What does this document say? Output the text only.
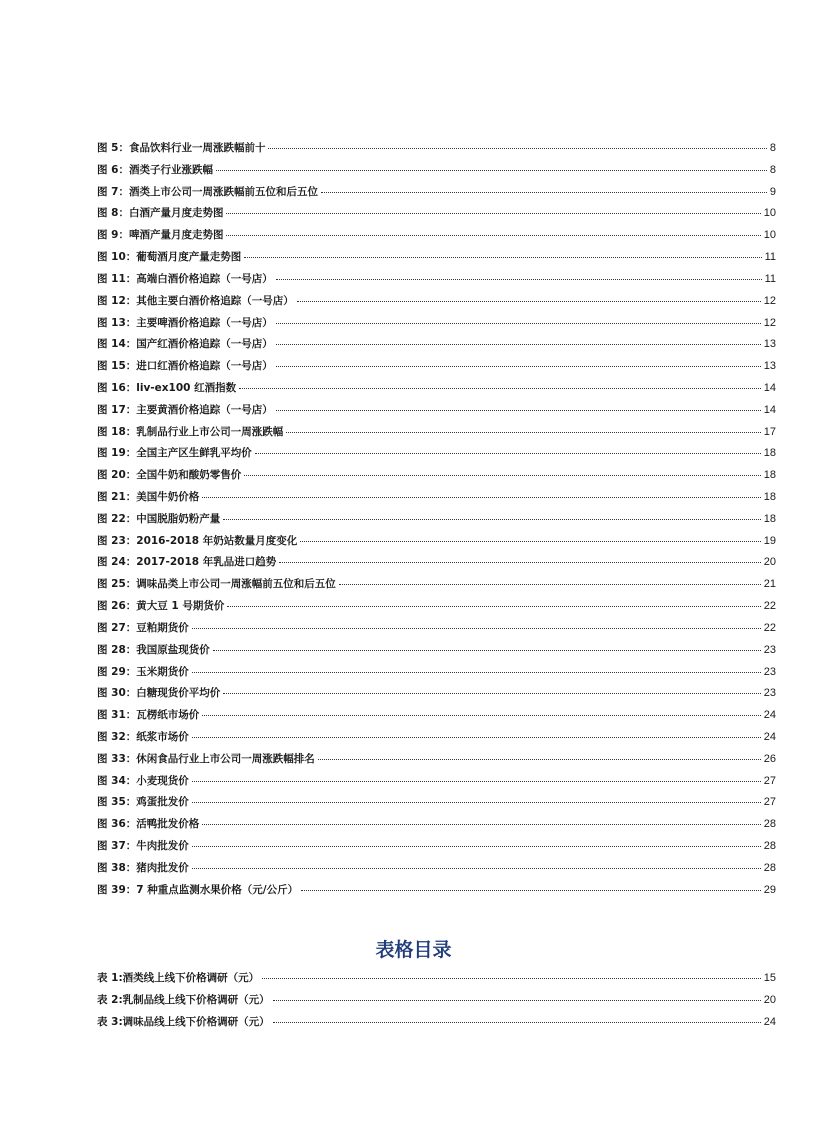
图 5：食品饮料行业一周涨跌幅前十	8
图 6：酒类子行业涨跌幅	8
图 7：酒类上市公司一周涨跌幅前五位和后五位	9
图 8：白酒产量月度走势图	10
图 9：啤酒产量月度走势图	10
图 10：葡萄酒月度产量走势图	11
图 11：高端白酒价格追踪（一号店）	11
图 12：其他主要白酒价格追踪（一号店）	12
图 13：主要啤酒价格追踪（一号店）	12
图 14：国产红酒价格追踪（一号店）	13
图 15：进口红酒价格追踪（一号店）	13
图 16：liv-ex100 红酒指数	14
图 17：主要黄酒价格追踪（一号店）	14
图 18：乳制品行业上市公司一周涨跌幅	17
图 19：全国主产区生鲜乳平均价	18
图 20：全国牛奶和酸奶零售价	18
图 21：美国牛奶价格	18
图 22：中国脱脂奶粉产量	18
图 23：2016-2018 年奶站数量月度变化	19
图 24：2017-2018 年乳品进口趋势	20
图 25：调味品类上市公司一周涨幅前五位和后五位	21
图 26：黄大豆 1 号期货价	22
图 27：豆粕期货价	22
图 28：我国原盐现货价	23
图 29：玉米期货价	23
图 30：白糖现货价平均价	23
图 31：瓦楞纸市场价	24
图 32：纸浆市场价	24
图 33：休闲食品行业上市公司一周涨跌幅排名	26
图 34：小麦现货价	27
图 35：鸡蛋批发价	27
图 36：活鸭批发价格	28
图 37：牛肉批发价	28
图 38：猪肉批发价	28
图 39：7 种重点监测水果价格（元/公斤）	29
表格目录
表 1:酒类线上线下价格调研（元）	15
表 2:乳制品线上线下价格调研（元）	20
表 3:调味品线上线下价格调研（元）	24
